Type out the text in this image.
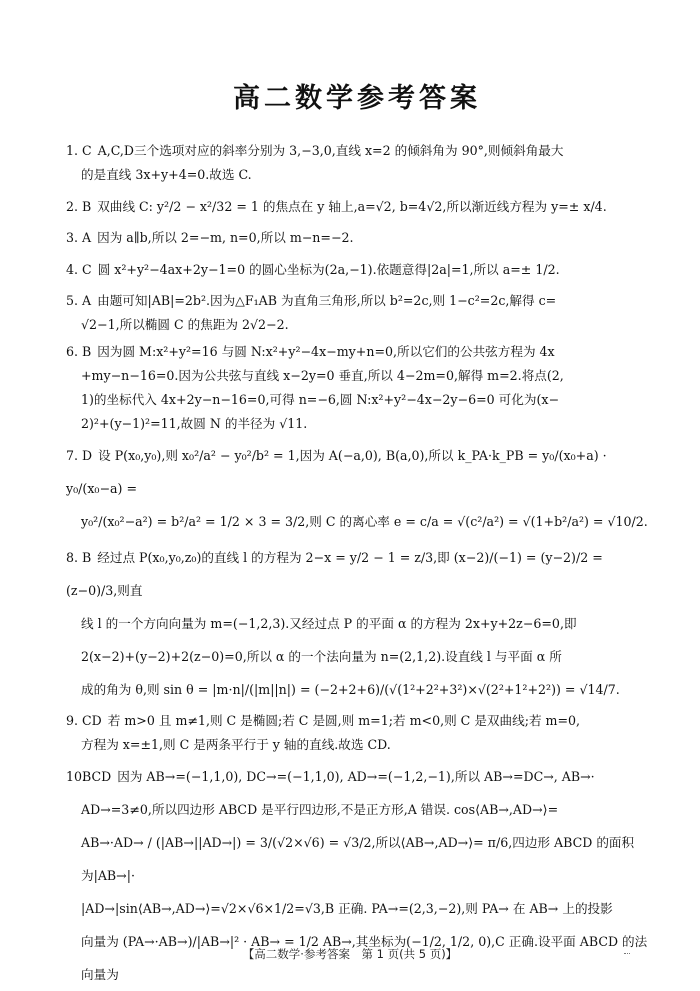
高二数学参考答案
1. C A,C,D三个选项对应的斜率分别为 3,−3,0,直线 x=2 的倾斜角为 90°,则倾斜角最大
的是直线 3x+y+4=0.故选 C.
2. B 双曲线 C: y²/2 − x²/32 = 1 的焦点在 y 轴上,a=√2, b=4√2,所以渐近线方程为 y=± x/4.
3. A 因为 a∥b,所以 2=−m, n=0,所以 m−n=−2.
4. C 圆 x²+y²−4ax+2y−1=0 的圆心坐标为(2a,−1).依题意得|2a|=1,所以 a=± 1/2.
5. A 由题可知|AB|=2b².因为△F₁AB 为直角三角形,所以 b²=2c,则 1−c²=2c,解得 c=
√2−1,所以椭圆 C 的焦距为 2√2−2.
6. B 因为圆 M:x²+y²=16 与圆 N:x²+y²−4x−my+n=0,所以它们的公共弦方程为 4x
+my−n−16=0.因为公共弦与直线 x−2y=0 垂直,所以 4−2m=0,解得 m=2.将点(2,
1)的坐标代入 4x+2y−n−16=0,可得 n=−6,圆 N:x²+y²−4x−2y−6=0 可化为(x−
2)²+(y−1)²=11,故圆 N 的半径为 √11.
7. D 设 P(x₀,y₀),则 x₀²/a² − y₀²/b² = 1,因为 A(−a,0), B(a,0),所以 k_PA·k_PB = y₀/(x₀+a) · y₀/(x₀−a) =
y₀²/(x₀²−a²) = b²/a² = 1/2 × 3 = 3/2,则 C 的离心率 e = c/a = √(c²/a²) = √(1+b²/a²) = √10/2.
8. B 经过点 P(x₀,y₀,z₀)的直线 l 的方程为 2−x = y/2 − 1 = z/3,即 (x−2)/(−1) = (y−2)/2 = (z−0)/3,则直
线 l 的一个方向向量为 m=(−1,2,3).又经过点 P 的平面 α 的方程为 2x+y+2z−6=0,即
2(x−2)+(y−2)+2(z−0)=0,所以 α 的一个法向量为 n=(2,1,2).设直线 l 与平面 α 所
成的角为 θ,则 sin θ = |m·n|/(|m||n|) = (−2+2+6)/(√(1²+2²+3²)×√(2²+1²+2²)) = √14/7.
9. CD 若 m>0 且 m≠1,则 C 是椭圆;若 C 是圆,则 m=1;若 m<0,则 C 是双曲线;若 m=0,
方程为 x=±1,则 C 是两条平行于 y 轴的直线.故选 CD.
10.BCD 因为 AB→=(−1,1,0), DC→=(−1,1,0), AD→=(−1,2,−1),所以 AB→=DC→, AB→·
AD→=3≠0,所以四边形 ABCD 是平行四边形,不是正方形,A 错误. cos⟨AB→,AD→⟩=
AB→·AD→ / (|AB→||AD→|) = 3/(√2×√6) = √3/2,所以⟨AB→,AD→⟩= π/6,四边形 ABCD 的面积为|AB→|·
|AD→|sin⟨AB→,AD→⟩=√2×√6×1/2=√3,B 正确. PA→=(2,3,−2),则 PA→ 在 AB→ 上的投影
向量为 (PA→·AB→)/|AB→|² · AB→ = 1/2 AB→,其坐标为(−1/2, 1/2, 0),C 正确.设平面 ABCD 的法向量为
【高二数学·参考答案　第 1 页(共 5 页)】
